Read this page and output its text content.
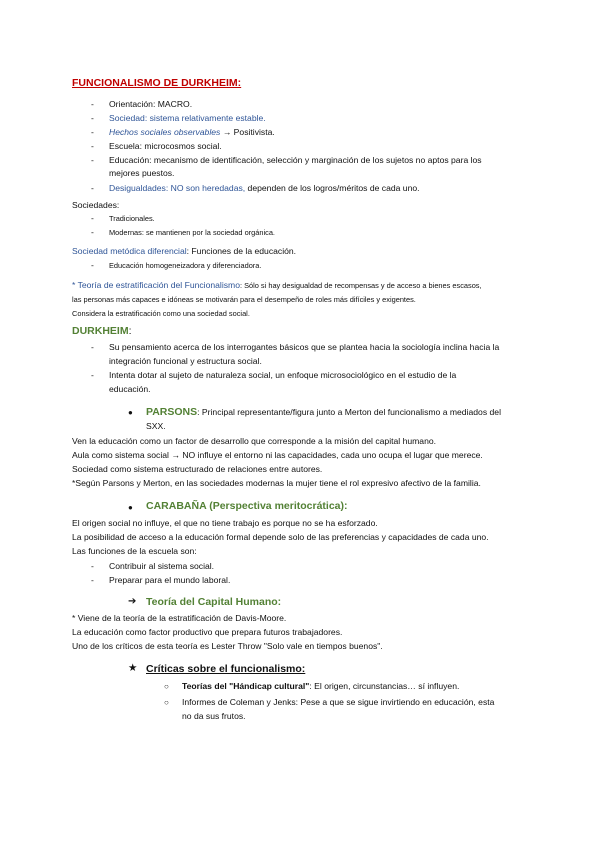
FUNCIONALISMO DE DURKHEIM:
- Orientación: MACRO.
- Sociedad: sistema relativamente estable.
- Hechos sociales observables → Positivista.
- Escuela: microcosmos social.
- Educación: mecanismo de identificación, selección y marginación de los sujetos no aptos para los
mejores puestos.
- Desigualdades: NO son heredadas, dependen de los logros/méritos de cada uno.
Sociedades:
- Tradicionales.
- Modernas: se mantienen por la sociedad orgánica.
Sociedad metódica diferencial: Funciones de la educación.
- Educación homogeneizadora y diferenciadora.
* Teoría de estratificación del Funcionalismo: Sólo si hay desigualdad de recompensas y de acceso a bienes escasos,
las personas más capaces e idóneas se motivarán para el desempeño de roles más difíciles y exigentes.
Considera la estratificación como una sociedad social.
DURKHEIM:
- Su pensamiento acerca de los interrogantes básicos que se plantea hacia la sociología inclina hacia la
integración funcional y estructura social.
- Intenta dotar al sujeto de naturaleza social, un enfoque microsociológico en el estudio de la
educación.
● PARSONS: Principal representante/figura junto a Merton del funcionalismo a mediados del
SXX.
Ven la educación como un factor de desarrollo que corresponde a la misión del capital humano.
Aula como sistema social → NO influye el entorno ni las capacidades, cada uno ocupa el lugar que merece.
Sociedad como sistema estructurado de relaciones entre autores.
*Según Parsons y Merton, en las sociedades modernas la mujer tiene el rol expresivo afectivo de la familia.
● CARABAÑA (Perspectiva meritocrática):
El origen social no influye, el que no tiene trabajo es porque no se ha esforzado.
La posibilidad de acceso a la educación formal depende solo de las preferencias y capacidades de cada uno.
Las funciones de la escuela son:
- Contribuir al sistema social.
- Preparar para el mundo laboral.
➔ Teoría del Capital Humano:
* Viene de la teoría de la estratificación de Davis-Moore.
La educación como factor productivo que prepara futuros trabajadores.
Uno de los críticos de esta teoría es Lester Throw "Solo vale en tiempos buenos".
★ Críticas sobre el funcionalismo:
○ Teorías del "Hándicap cultural": El origen, circunstancias… sí influyen.
○ Informes de Coleman y Jenks: Pese a que se sigue invirtiendo en educación, esta
no da sus frutos.
